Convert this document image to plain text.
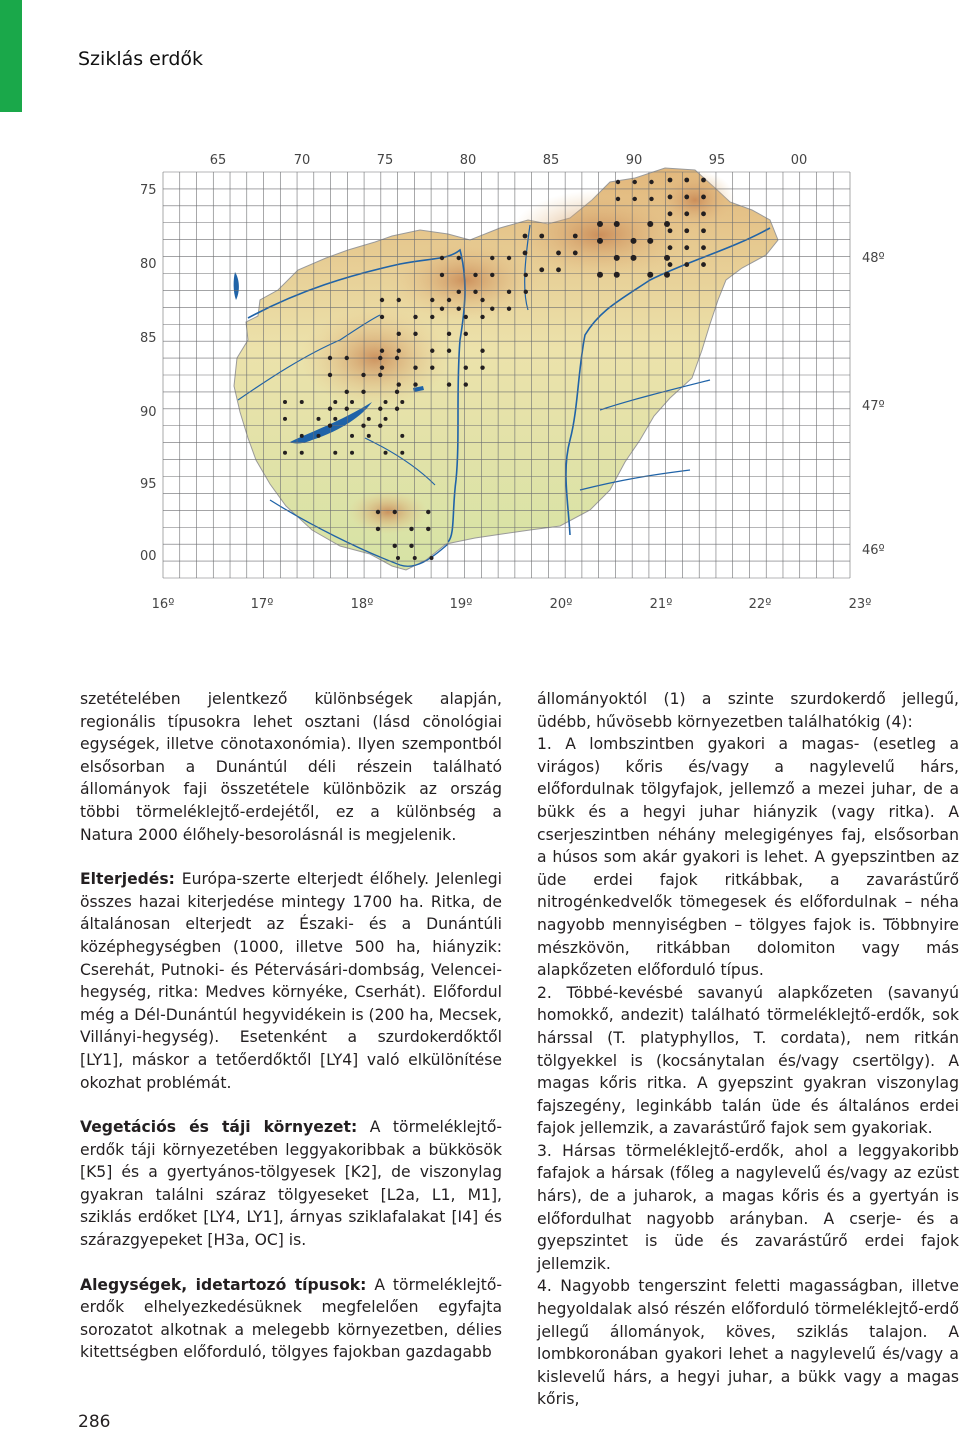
Sziklás erdők
65	70	75	80	85	90	95	00
75
80
85
90
95
00
16º	17º	18º	19º	20º	21º	22º	23º
48º
47º
46º

szetételében jelentkező különbségek alapján, regionális típusokra lehet osztani (lásd cönológiai egységek, illetve cönotaxonómia). Ilyen szempontból elsősorban a Dunántúl déli részein található állományok faji összetétele különbözik az ország többi törmeléklejtő-erdejétől, ez a különbség a Natura 2000 élőhely-besorolásnál is megjelenik.

Elterjedés: Európa-szerte elterjedt élőhely. Jelenlegi összes hazai kiterjedése mintegy 1700 ha. Ritka, de általánosan elterjedt az Északi- és a Dunántúli középhegységben (1000, illetve 500 ha, hiányzik: Cserehát, Putnoki- és Pétervásári-dombság, Velencei-hegység, ritka: Medves környéke, Cserhát). Előfordul még a Dél-Dunántúl hegyvidékein is (200 ha, Mecsek, Villányi-hegység). Esetenként a szurdokerdőktől [LY1], máskor a tetőerdőktől [LY4] való elkülönítése okozhat problémát.

Vegetációs és táji környezet: A törmeléklejtő-erdők táji környezetében leggyakoribbak a bükkösök [K5] és a gyertyános-tölgyesek [K2], de viszonylag gyakran találni száraz tölgyeseket [L2a, L1, M1], sziklás erdőket [LY4, LY1], árnyas sziklafalakat [I4] és szárazgyepeket [H3a, OC] is.

Alegységek, idetartozó típusok: A törmeléklejtő-erdők elhelyezkedésüknek megfelelően egyfajta sorozatot alkotnak a melegebb környezetben, délies kitettségben előforduló, tölgyes fajokban gazdagabb

állományoktól (1) a szinte szurdokerdő jellegű, üdébb, hűvösebb környezetben találhatókig (4):

1. A lombszintben gyakori a magas- (esetleg a virágos) kőris és/vagy a nagylevelű hárs, előfordulnak tölgyfajok, jellemző a mezei juhar, de a bükk és a hegyi juhar hiányzik (vagy ritka). A cserjeszintben néhány melegigényes faj, elsősorban a húsos som akár gyakori is lehet. A gyepszintben az üde erdei fajok ritkábbak, a zavarástűrő nitrogénkedvelők tömegesek és előfordulnak – néha nagyobb mennyiségben – tölgyes fajok is. Többnyire mészkövön, ritkábban dolomiton vagy más alapkőzeten előforduló típus.

2. Többé-kevésbé savanyú alapkőzeten (savanyú homokkő, andezit) található törmeléklejtő-erdők, sok hárssal (T. platyphyllos, T. cordata), nem ritkán tölgyekkel is (kocsánytalan és/vagy csertölgy). A magas kőris ritka. A gyepszint gyakran viszonylag fajszegény, leginkább talán üde és általános erdei fajok jellemzik, a zavarástűrő fajok sem gyakoriak.

3. Hársas törmeléklejtő-erdők, ahol a leggyakoribb fafajok a hársak (főleg a nagylevelű és/vagy az ezüst hárs), de a juharok, a magas kőris és a gyertyán is előfordulhat nagyobb arányban. A cserje- és a gyepszintet is üde és zavarástűrő erdei fajok jellemzik.

4. Nagyobb tengerszint feletti magasságban, illetve hegyoldalak alsó részén előforduló törmeléklejtő-erdő jellegű állományok, köves, sziklás talajon. A lombkoronában gyakori lehet a nagylevelű és/vagy a kislevelű hárs, a hegyi juhar, a bükk vagy a magas kőris,

286
